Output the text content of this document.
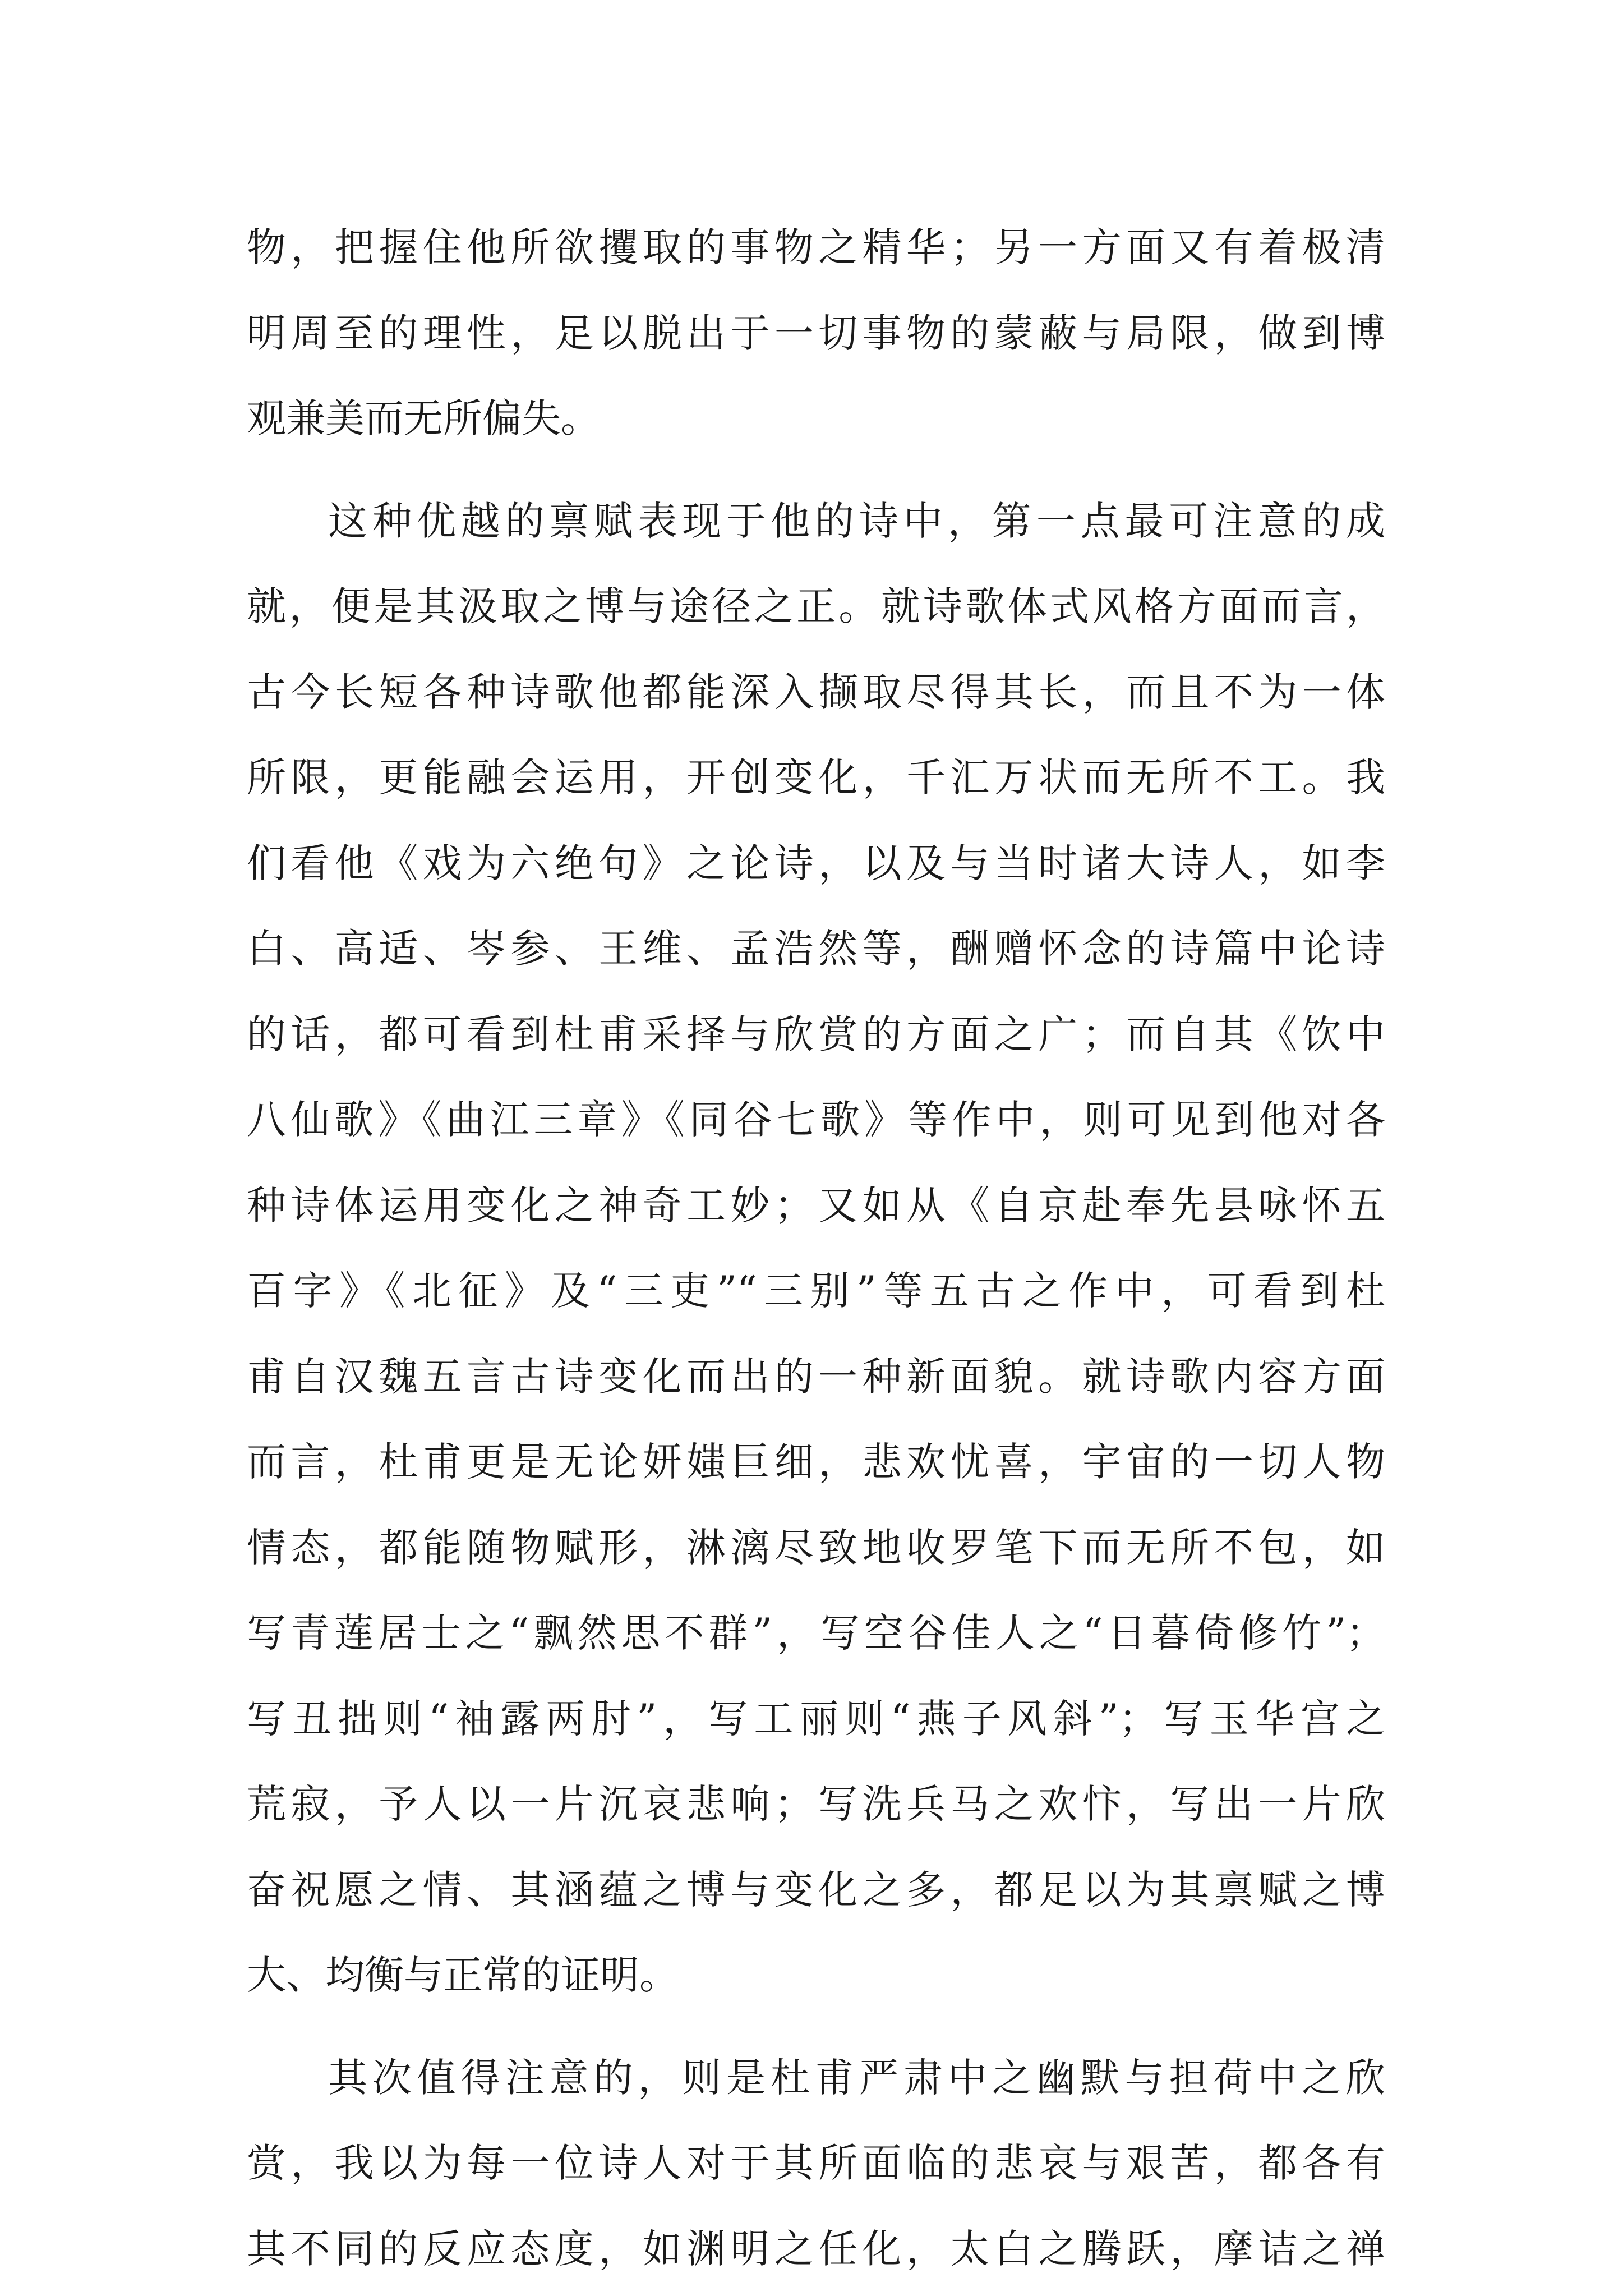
物，把握住他所欲攫取的事物之精华；另一方面又有着极清
明周至的理性，足以脱出于一切事物的蒙蔽与局限，做到博
观兼美而无所偏失。
这种优越的禀赋表现于他的诗中，第一点最可注意的成
就，便是其汲取之博与途径之正。就诗歌体式风格方面而言，
古今长短各种诗歌他都能深入撷取尽得其长，而且不为一体
所限，更能融会运用，开创变化，千汇万状而无所不工。我
们看他《戏为六绝句》之论诗，以及与当时诸大诗人，如李
白、高适、岑参、王维、孟浩然等，酬赠怀念的诗篇中论诗
的话，都可看到杜甫采择与欣赏的方面之广；而自其《饮中
八仙歌》《曲江三章》《同谷七歌》等作中，则可见到他对各
种诗体运用变化之神奇工妙；又如从《自京赴奉先县咏怀五
百字》《北征》及“三吏”“三别”等五古之作中，可看到杜
甫自汉魏五言古诗变化而出的一种新面貌。就诗歌内容方面
而言，杜甫更是无论妍媸巨细，悲欢忧喜，宇宙的一切人物
情态，都能随物赋形，淋漓尽致地收罗笔下而无所不包，如
写青莲居士之“飘然思不群”，写空谷佳人之“日暮倚修竹”；
写丑拙则“袖露两肘”，写工丽则“燕子风斜”；写玉华宫之
荒寂，予人以一片沉哀悲响；写洗兵马之欢忭，写出一片欣
奋祝愿之情、其涵蕴之博与变化之多，都足以为其禀赋之博
大、均衡与正常的证明。
其次值得注意的，则是杜甫严肃中之幽默与担荷中之欣
赏，我以为每一位诗人对于其所面临的悲哀与艰苦，都各有
其不同的反应态度，如渊明之任化，太白之腾跃，摩诘之禅
